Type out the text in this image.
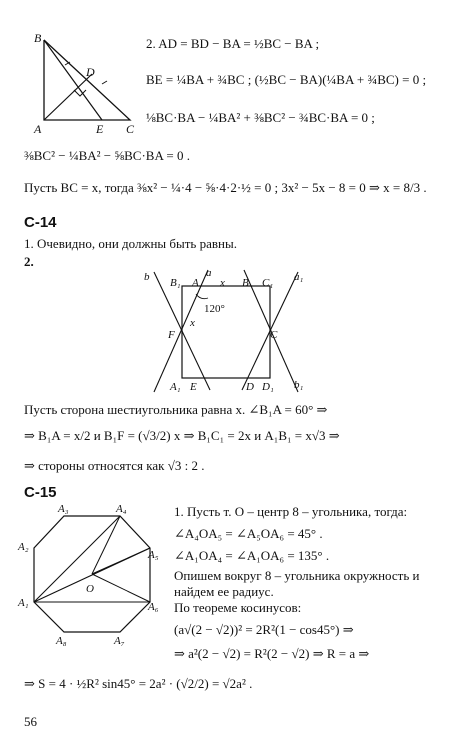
B
D
A	E C
2. AD = BD − BA = ½BC − BA ;
BE = ¼BA + ¾BC ; (½BC − BA)(¼BA + ¾BC) = 0 ;
⅛BC·BA − ¼BA² + ⅜BC² − ¾BC·BA = 0 ;
⅜BC² − ¼BA² − ⅝BC·BA = 0 .
Пусть BC = x, тогда ⅜x² − ¼·4 − ⅝·4·2·½ = 0 ; 3x² − 5x − 8 = 0 ⇒ x = 8/3 .
С-14
1. Очевидно, они должны быть равны.
2.
b B₁ A
a
x B C₁ a₁
120°
x
F	C
A₁ E	D D₁ b₁
Пусть сторона шестиугольника равна x. ∠B₁A = 60° ⇒
⇒ B₁A = x/2 и B₁F = (√3/2) x ⇒ B₁C₁ = 2x и A₁B₁ = x√3 ⇒
⇒ стороны относятся как √3 : 2 .
С-15
A₁
A₂
A₃	A₄
A₅
A₆
A₇
A₈
O
1. Пусть т. O – центр 8 – угольника, тогда:
∠A₄OA₅ = ∠A₅OA₆ = 45° .
∠A₁OA₄ = ∠A₁OA₆ = 135° .
Опишем вокруг 8 – угольника окружность и
найдем ее радиус.
По теореме косинусов:
(a√(2 − √2))² = 2R²(1 − cos45°) ⇒
⇒ a²(2 − √2) = R²(2 − √2) ⇒ R = a ⇒
⇒ S = 4 · ½R² sin45° = 2a² · (√2/2) = √2a² .
56
